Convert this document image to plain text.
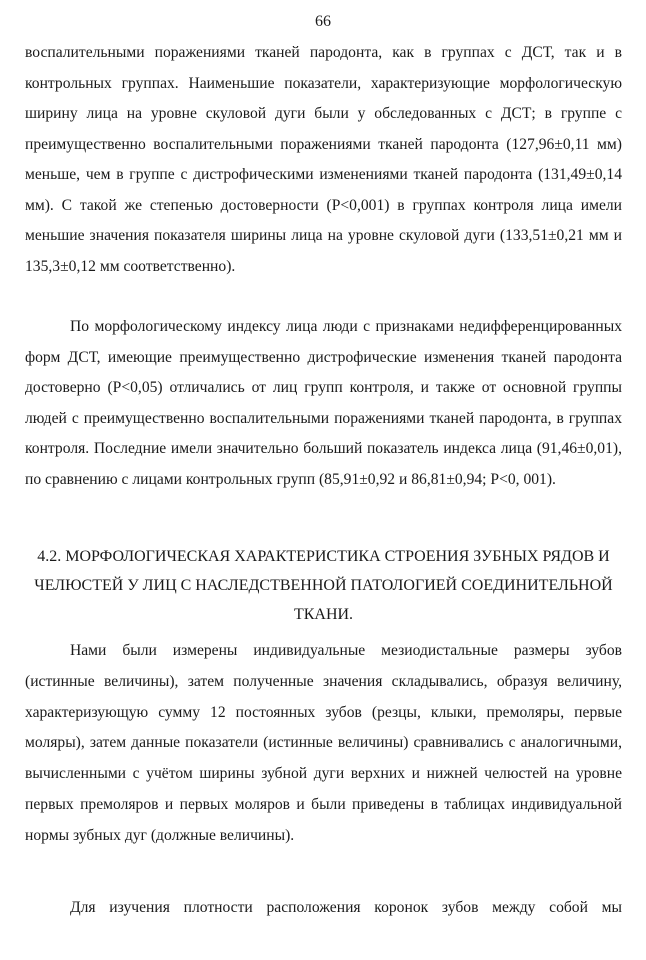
66

воспалительными поражениями тканей пародонта, как в группах с ДСТ, так и в контрольных группах. Наименьшие показатели, характеризующие морфологическую ширину лица на уровне скуловой дуги были у обследованных с ДСТ; в группе с преимущественно воспалительными поражениями тканей пародонта (127,96±0,11 мм) меньше, чем в группе с дистрофическими изменениями тканей пародонта (131,49±0,14 мм). С такой же степенью достоверности (Р<0,001) в группах контроля лица имели меньшие значения показателя ширины лица на уровне скуловой дуги (133,51±0,21 мм и 135,3±0,12 мм соответственно).

По морфологическому индексу лица люди с признаками недифференцированных форм ДСТ, имеющие преимущественно дистрофические изменения тканей пародонта достоверно (Р<0,05) отличались от лиц групп контроля, и также от основной группы людей с преимущественно воспалительными поражениями тканей пародонта, в группах контроля. Последние имели значительно больший показатель индекса лица (91,46±0,01), по сравнению с лицами контрольных групп (85,91±0,92 и 86,81±0,94; Р<0, 001).

4.2. МОРФОЛОГИЧЕСКАЯ ХАРАКТЕРИСТИКА СТРОЕНИЯ ЗУБНЫХ РЯДОВ И ЧЕЛЮСТЕЙ У ЛИЦ С НАСЛЕДСТВЕННОЙ ПАТОЛОГИЕЙ СОЕДИНИТЕЛЬНОЙ ТКАНИ.

Нами были измерены индивидуальные мезиодистальные размеры зубов (истинные величины), затем полученные значения складывались, образуя величину, характеризующую сумму 12 постоянных зубов (резцы, клыки, премоляры, первые моляры), затем данные показатели (истинные величины) сравнивались с аналогичными, вычисленными с учётом ширины зубной дуги верхних и нижней челюстей на уровне первых премоляров и первых моляров и были приведены в таблицах индивидуальной нормы зубных дуг (должные величины).

Для изучения плотности расположения коронок зубов между собой мы
